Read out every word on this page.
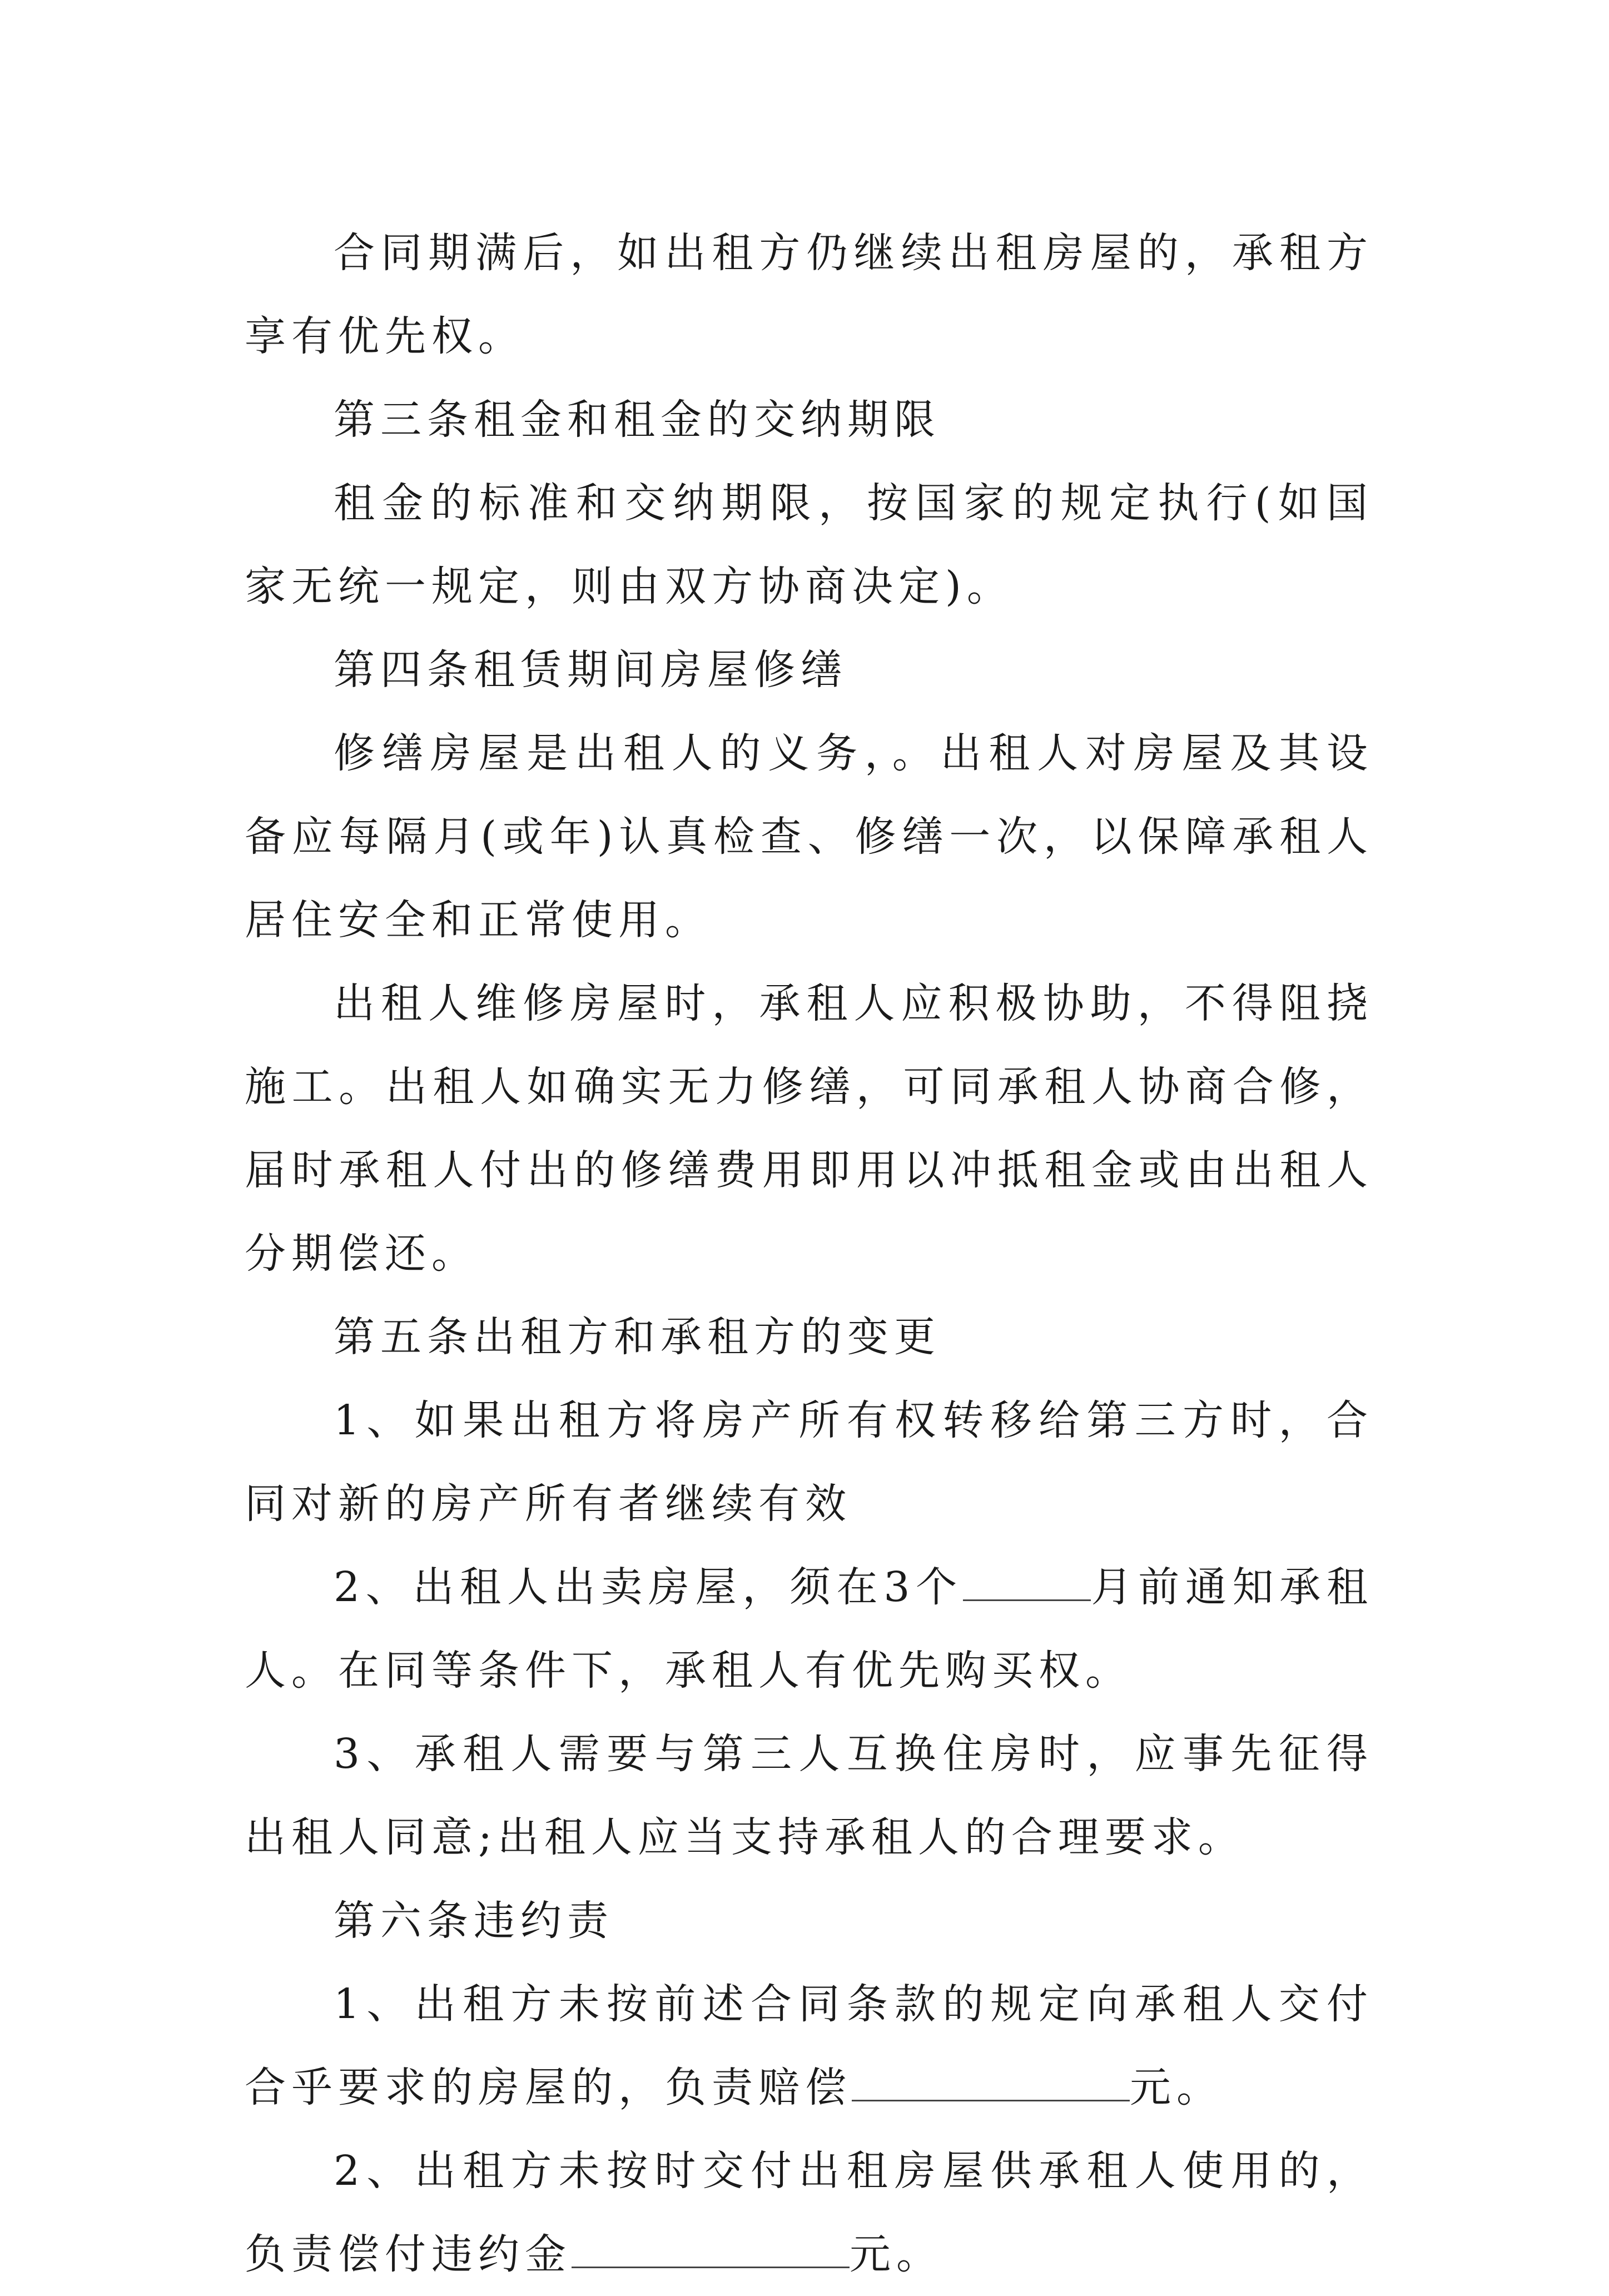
合同期满后，如出租方仍继续出租房屋的，承租方享有优先权。

第三条租金和租金的交纳期限

租金的标准和交纳期限，按国家的规定执行(如国家无统一规定，则由双方协商决定)。

第四条租赁期间房屋修缮

修缮房屋是出租人的义务，。出租人对房屋及其设备应每隔月(或年)认真检查、修缮一次，以保障承租人居住安全和正常使用。

出租人维修房屋时，承租人应积极协助，不得阻挠施工。出租人如确实无力修缮，可同承租人协商合修，届时承租人付出的修缮费用即用以冲抵租金或由出租人分期偿还。

第五条出租方和承租方的变更

1、如果出租方将房产所有权转移给第三方时，合同对新的房产所有者继续有效

2、出租人出卖房屋，须在3个	月前通知承租人。在同等条件下，承租人有优先购买权。

3、承租人需要与第三人互换住房时，应事先征得出租人同意;出租人应当支持承租人的合理要求。

第六条违约责

1、出租方未按前述合同条款的规定向承租人交付合乎要求的房屋的，负责赔偿	元。

2、出租方未按时交付出租房屋供承租人使用的，负责偿付违约金	元。
